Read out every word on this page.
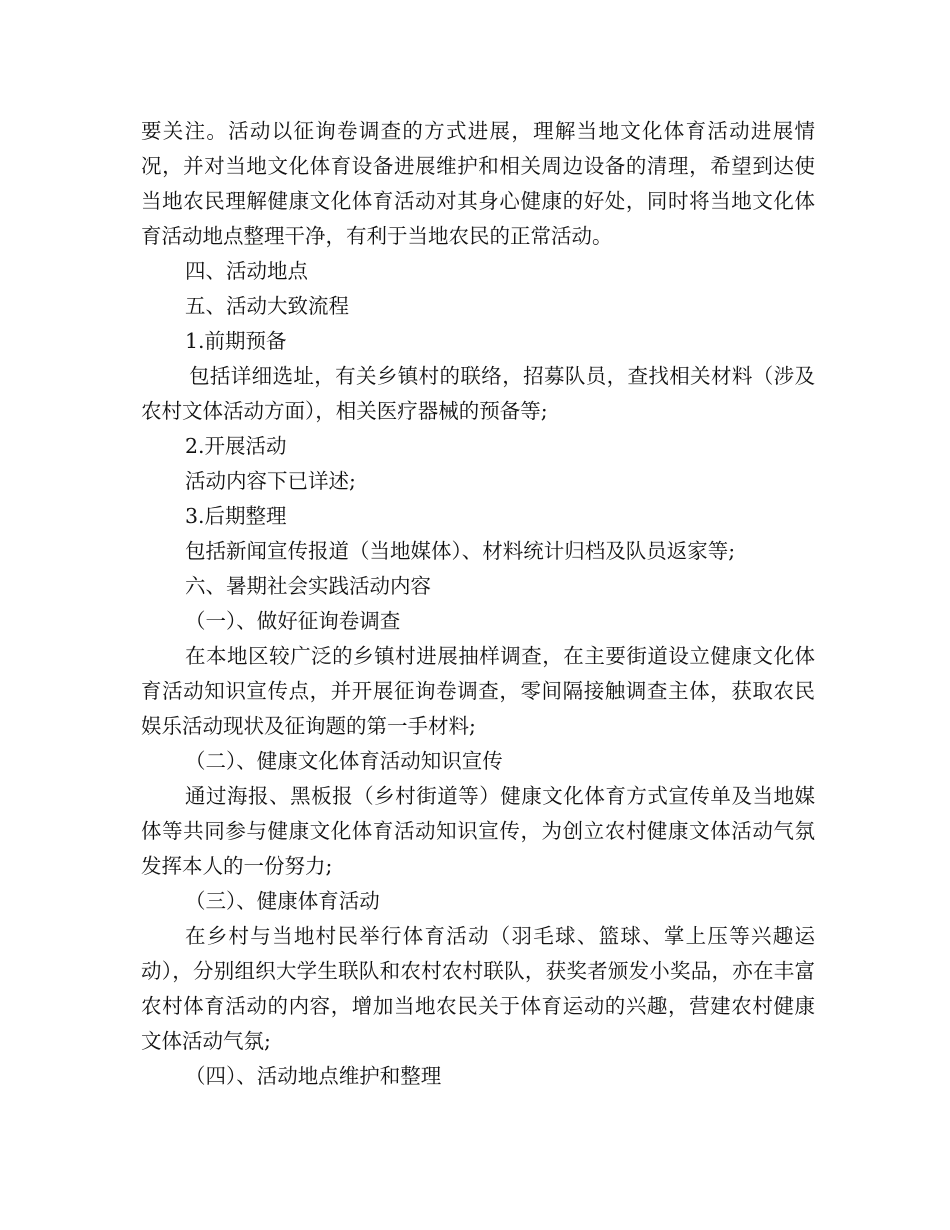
要关注。活动以征询卷调查的方式进展，理解当地文化体育活动进展情况，并对当地文化体育设备进展维护和相关周边设备的清理，希望到达使当地农民理解健康文化体育活动对其身心健康的好处，同时将当地文化体育活动地点整理干净，有利于当地农民的正常活动。

四、活动地点

五、活动大致流程

1.前期预备

包括详细选址，有关乡镇村的联络，招募队员，查找相关材料（涉及农村文体活动方面），相关医疗器械的预备等;

2.开展活动

活动内容下已详述;

3.后期整理

包括新闻宣传报道（当地媒体）、材料统计归档及队员返家等;

六、暑期社会实践活动内容

（一）、做好征询卷调查

在本地区较广泛的乡镇村进展抽样调查，在主要街道设立健康文化体育活动知识宣传点，并开展征询卷调查，零间隔接触调查主体，获取农民娱乐活动现状及征询题的第一手材料;

（二）、健康文化体育活动知识宣传

通过海报、黑板报（乡村街道等）健康文化体育方式宣传单及当地媒体等共同参与健康文化体育活动知识宣传，为创立农村健康文体活动气氛发挥本人的一份努力;

（三）、健康体育活动

在乡村与当地村民举行体育活动（羽毛球、篮球、掌上压等兴趣运动），分别组织大学生联队和农村农村联队，获奖者颁发小奖品，亦在丰富农村体育活动的内容，增加当地农民关于体育运动的兴趣，营建农村健康文体活动气氛;

（四）、活动地点维护和整理
